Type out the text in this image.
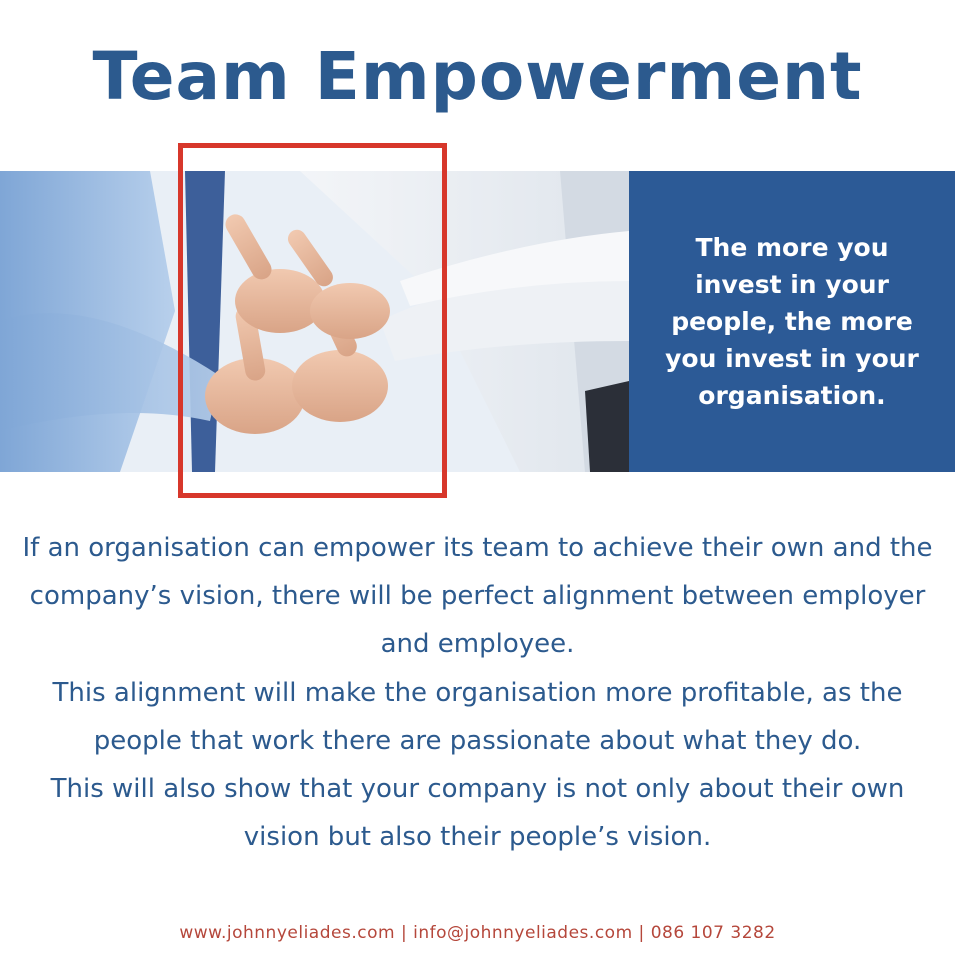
Team Empowerment
The more you invest in your people, the more you invest in your organisation.

If an organisation can empower its team to achieve their own and the company’s vision, there will be perfect alignment between employer and employee.

This alignment will make the organisation more profitable, as the people that work there are passionate about what they do.

This will also show that your company is not only about their own vision but also their people’s vision.

www.johnnyeliades.com | info@johnnyeliades.com | 086 107 3282
